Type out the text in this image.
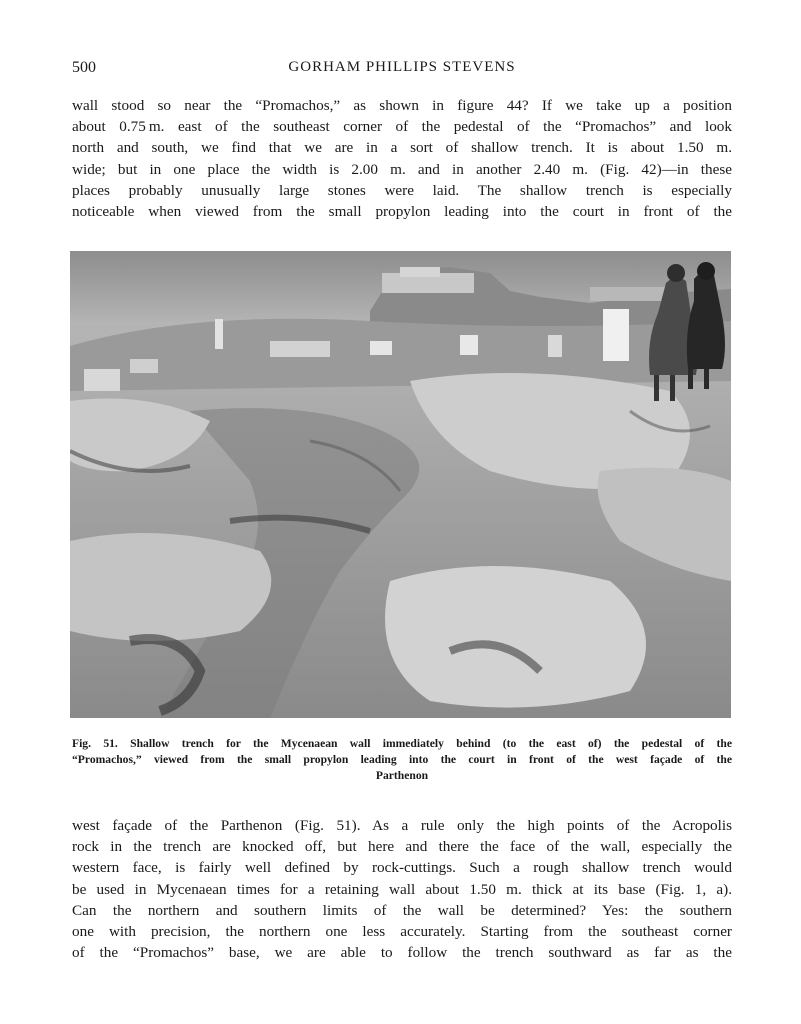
500	GORHAM PHILLIPS STEVENS
wall stood so near the “Promachos,” as shown in figure 44? If we take up a position
about 0.75 m. east of the southeast corner of the pedestal of the “Promachos” and look
north and south, we find that we are in a sort of shallow trench. It is about 1.50 m.
wide; but in one place the width is 2.00 m. and in another 2.40 m. (Fig. 42)—in these
places probably unusually large stones were laid. The shallow trench is especially
noticeable when viewed from the small propylon leading into the court in front of the
Fig. 51. Shallow trench for the Mycenaean wall immediately behind (to the east of) the pedestal of the
“Promachos,” viewed from the small propylon leading into the court in front of the west façade of the
Parthenon
west façade of the Parthenon (Fig. 51). As a rule only the high points of the Acropolis
rock in the trench are knocked off, but here and there the face of the wall, especially the
western face, is fairly well defined by rock-cuttings. Such a rough shallow trench would
be used in Mycenaean times for a retaining wall about 1.50 m. thick at its base (Fig. 1, a).
Can the northern and southern limits of the wall be determined? Yes: the southern
one with precision, the northern one less accurately. Starting from the southeast corner
of the “Promachos” base, we are able to follow the trench southward as far as the
